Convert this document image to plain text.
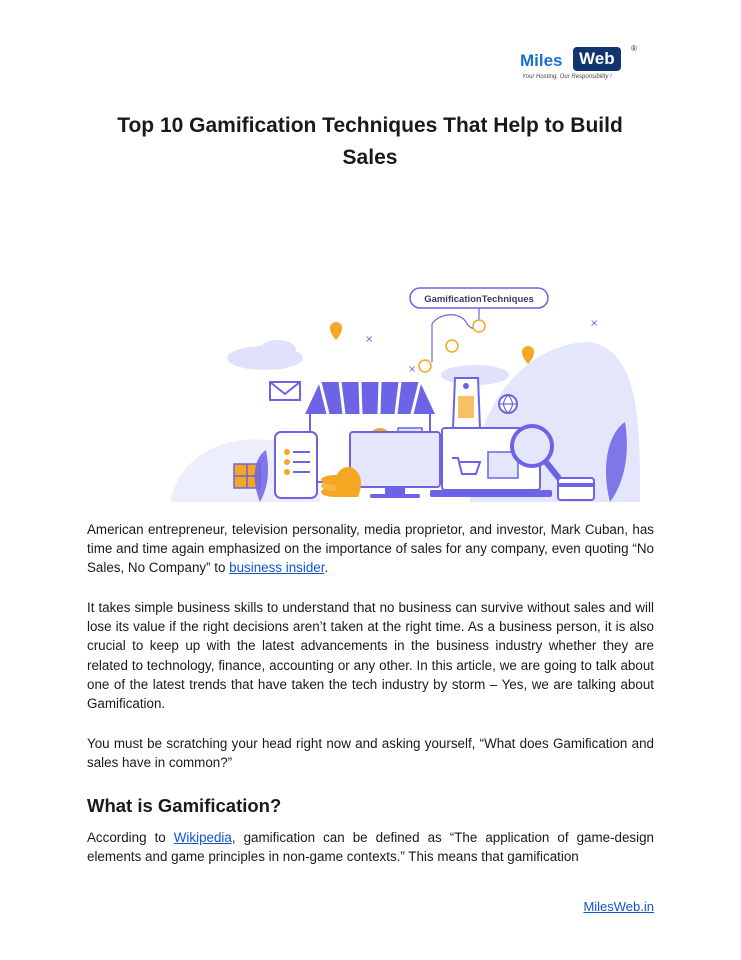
Miles Web
®
Your Hosting, Our Responsibility !
Top 10 Gamification Techniques That Help to Build Sales
GamificationTechniques
×
×
×

American entrepreneur, television personality, media proprietor, and investor, Mark Cuban, has time and time again emphasized on the importance of sales for any company, even quoting “No Sales, No Company” to business insider.

It takes simple business skills to understand that no business can survive without sales and will lose its value if the right decisions aren’t taken at the right time. As a business person, it is also crucial to keep up with the latest advancements in the business industry whether they are related to technology, finance, accounting or any other. In this article, we are going to talk about one of the latest trends that have taken the tech industry by storm – Yes, we are talking about Gamification.

You must be scratching your head right now and asking yourself, “What does Gamification and sales have in common?”

What is Gamification?

According to Wikipedia, gamification can be defined as “The application of game-design elements and game principles in non-game contexts.” This means that gamification

MilesWeb.in
